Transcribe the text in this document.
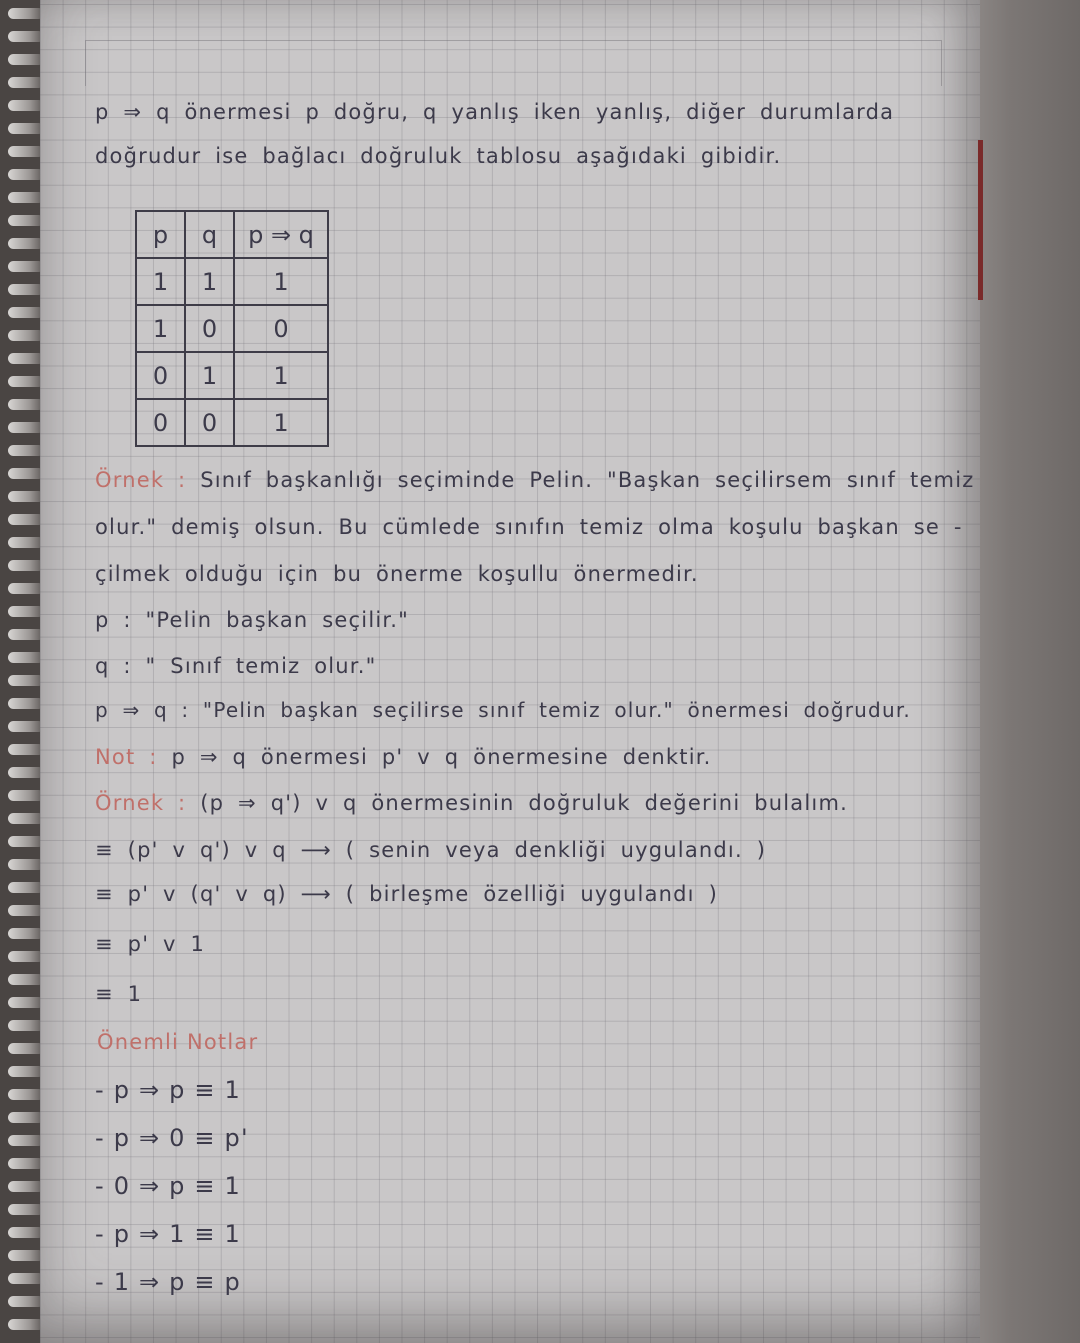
p ⇒ q önermesi p doğru, q yanlış iken yanlış, diğer durumlarda
doğrudur ise bağlacı doğruluk tablosu aşağıdaki gibidir.
p	q	p ⇒ q
1	1	1
1	0	0
0	1	1
0	0	1
Örnek : Sınıf başkanlığı seçiminde Pelin. "Başkan seçilirsem sınıf temiz
olur." demiş olsun. Bu cümlede sınıfın temiz olma koşulu başkan se -
çilmek olduğu için bu önerme koşullu önermedir.
p : "Pelin başkan seçilir."
q : " Sınıf temiz olur."
p ⇒ q : "Pelin başkan seçilirse sınıf temiz olur." önermesi doğrudur.
Not : p ⇒ q önermesi p' v q önermesine denktir.
Örnek : (p ⇒ q') v q önermesinin doğruluk değerini bulalım.
≡ (p' v q') v q ⟶ ( senin veya denkliği uygulandı. )
≡ p' v (q' v q) ⟶ ( birleşme özelliği uygulandı )
≡ p' v 1
≡ 1
Önemli Notlar
- p ⇒ p ≡ 1
- p ⇒ 0 ≡ p'
- 0 ⇒ p ≡ 1
- p ⇒ 1 ≡ 1
- 1 ⇒ p ≡ p
